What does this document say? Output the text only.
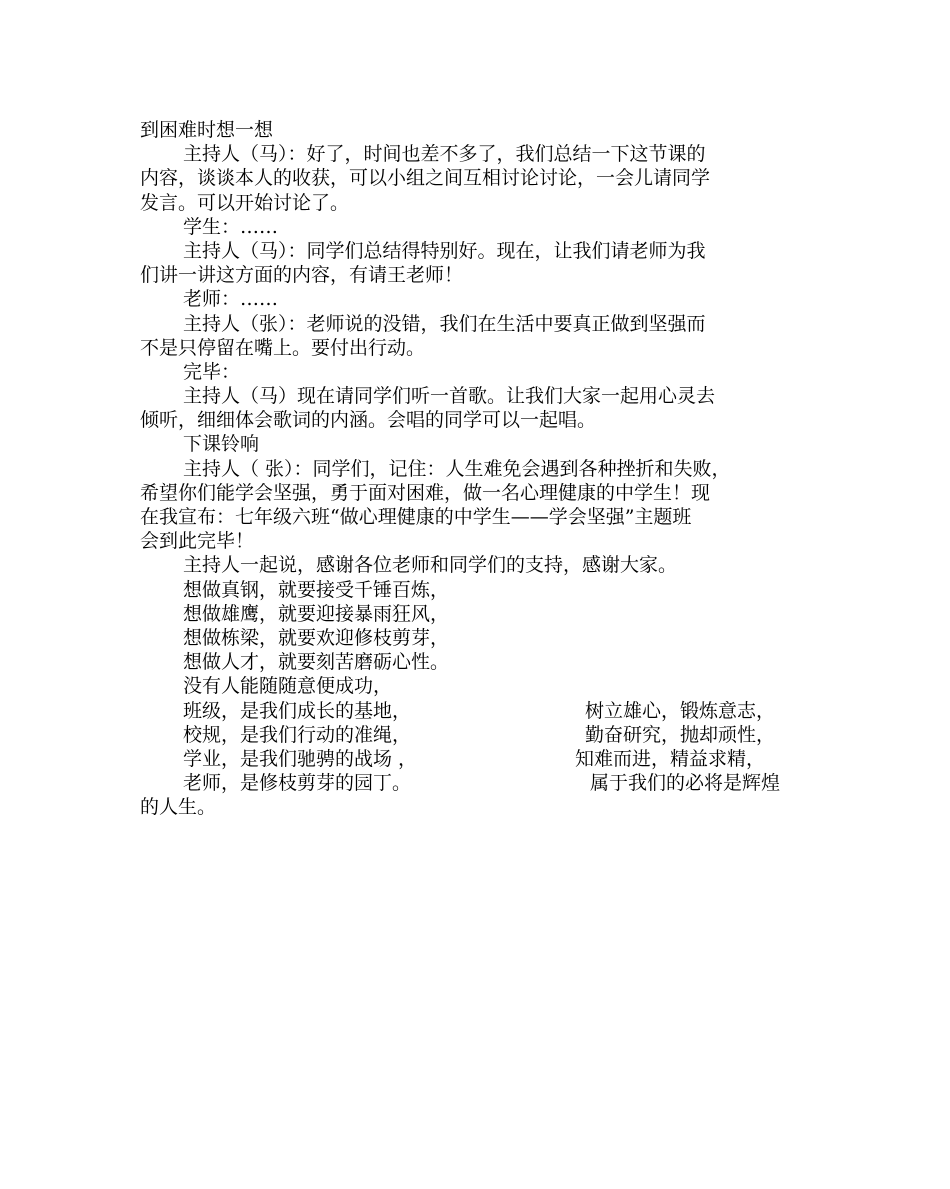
到困难时想一想
主持人（马）：好了，时间也差不多了，我们总结一下这节课的
内容，谈谈本人的收获，可以小组之间互相讨论讨论，一会儿请同学
发言。可以开始讨论了。
学生：……
主持人（马）：同学们总结得特别好。现在，让我们请老师为我
们讲一讲这方面的内容，有请王老师！
老师：……
主持人（张）：老师说的没错，我们在生活中要真正做到坚强而
不是只停留在嘴上。要付出行动。
完毕：
主持人（马）现在请同学们听一首歌。让我们大家一起用心灵去
倾听，细细体会歌词的内涵。会唱的同学可以一起唱。
下课铃响
主持人（ 张）：同学们，记住：人生难免会遇到各种挫折和失败，
希望你们能学会坚强，勇于面对困难，做一名心理健康的中学生！现
在我宣布：七年级六班“做心理健康的中学生——学会坚强”主题班
会到此完毕！
主持人一起说，感谢各位老师和同学们的支持，感谢大家。
想做真钢，就要接受千锤百炼，
想做雄鹰，就要迎接暴雨狂风，
想做栋梁，就要欢迎修枝剪芽，
想做人才，就要刻苦磨砺心性。
没有人能随随意便成功，
班级，是我们成长的基地，	树立雄心，锻炼意志，
校规，是我们行动的准绳，	勤奋研究，抛却顽性，
学业，是我们驰骋的战场 ，	知难而进，精益求精，
老师，是修枝剪芽的园丁。	属于我们的必将是辉煌
的人生。
